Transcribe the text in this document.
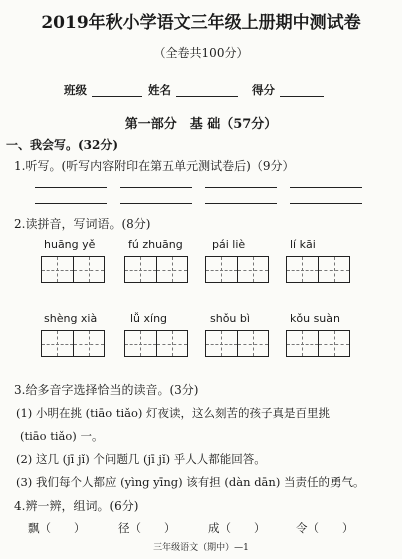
2019年秋小学语文三年级上册期中测试卷
（全卷共100分）
班级	姓名	得分
第一部分　基 础（57分）
一、我会写。(32分)
1.听写。(听写内容附印在第五单元测试卷后)（9分）
2.读拼音，写词语。(8分)
huāng yě	fú zhuāng	pái liè	lí kāi
shèng xià	lǚ xíng	shǒu bì	kǒu suàn
3.给多音字选择恰当的读音。(3分)
(1) 小明在挑 (tiāo tiǎo) 灯夜读，这么刻苦的孩子真是百里挑
(tiāo tiǎo) 一。
(2) 这几 (jī jǐ) 个问题几 (jī jǐ) 乎人人都能回答。
(3) 我们每个人都应 (yìng yīng) 该有担 (dàn dān) 当责任的勇气。
4.辨一辨，组词。(6分)
飘（　　）	径（　　）	成（　　）	令（　　）
三年级语文（期中）—1
